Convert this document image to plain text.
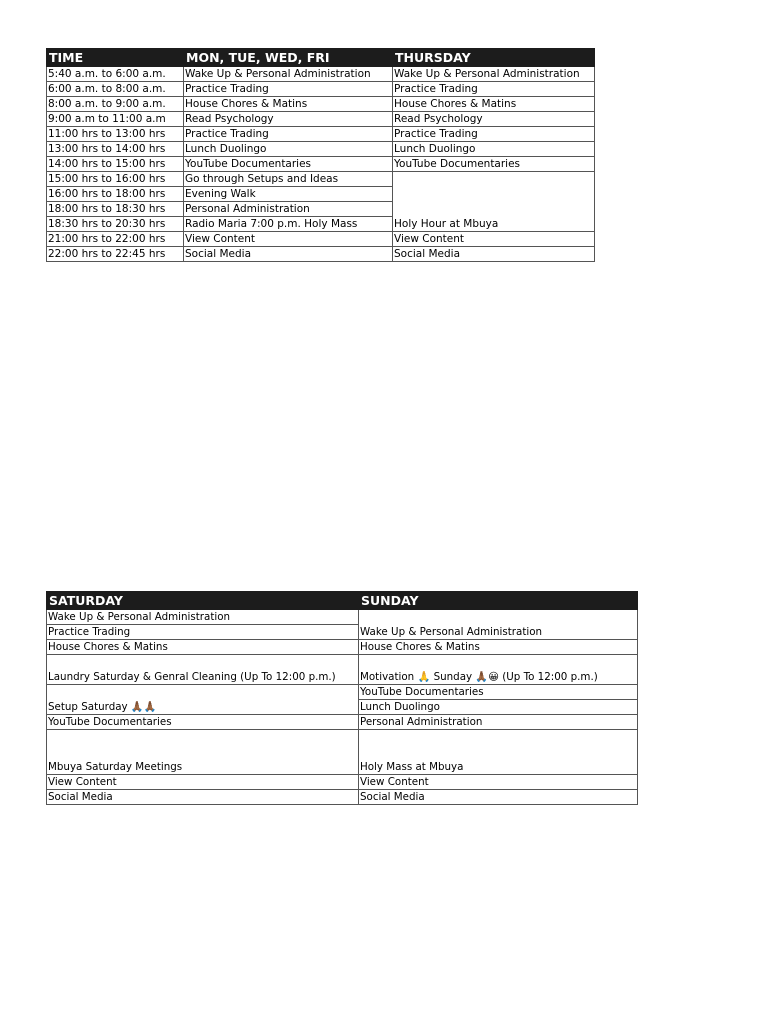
TIME	MON, TUE, WED, FRI	THURSDAY
5:40 a.m. to 6:00 a.m.	Wake Up & Personal Administration	Wake Up & Personal Administration
6:00 a.m. to 8:00 a.m.	Practice Trading	Practice Trading
8:00 a.m. to 9:00 a.m.	House Chores & Matins	House Chores & Matins
9:00 a.m to 11:00 a.m	Read Psychology	Read Psychology
11:00 hrs to 13:00 hrs	Practice Trading	Practice Trading
13:00 hrs to 14:00 hrs	Lunch Duolingo	Lunch Duolingo
14:00 hrs to 15:00 hrs	YouTube Documentaries	YouTube Documentaries
15:00 hrs to 16:00 hrs	Go through Setups and Ideas	Holy Hour at Mbuya
16:00 hrs to 18:00 hrs	Evening Walk	
18:00 hrs to 18:30 hrs	Personal Administration	
18:30 hrs to 20:30 hrs	Radio Maria 7:00 p.m. Holy Mass	
21:00 hrs to 22:00 hrs	View Content	View Content
22:00 hrs to 22:45 hrs	Social Media	Social Media
SATURDAY	SUNDAY
Wake Up & Personal Administration	Wake Up & Personal Administration
Practice Trading	
House Chores & Matins	House Chores & Matins
Laundry Saturday & Genral Cleaning (Up To 12:00 p.m.)	Motivation 🙏 Sunday 🙏🏾😀 (Up To 12:00 p.m.)
Setup Saturday 🙏🏾🙏🏾	YouTube Documentaries
	Lunch Duolingo
YouTube Documentaries	Personal Administration
Mbuya Saturday Meetings	Holy Mass at Mbuya
View Content	View Content
Social Media	Social Media
